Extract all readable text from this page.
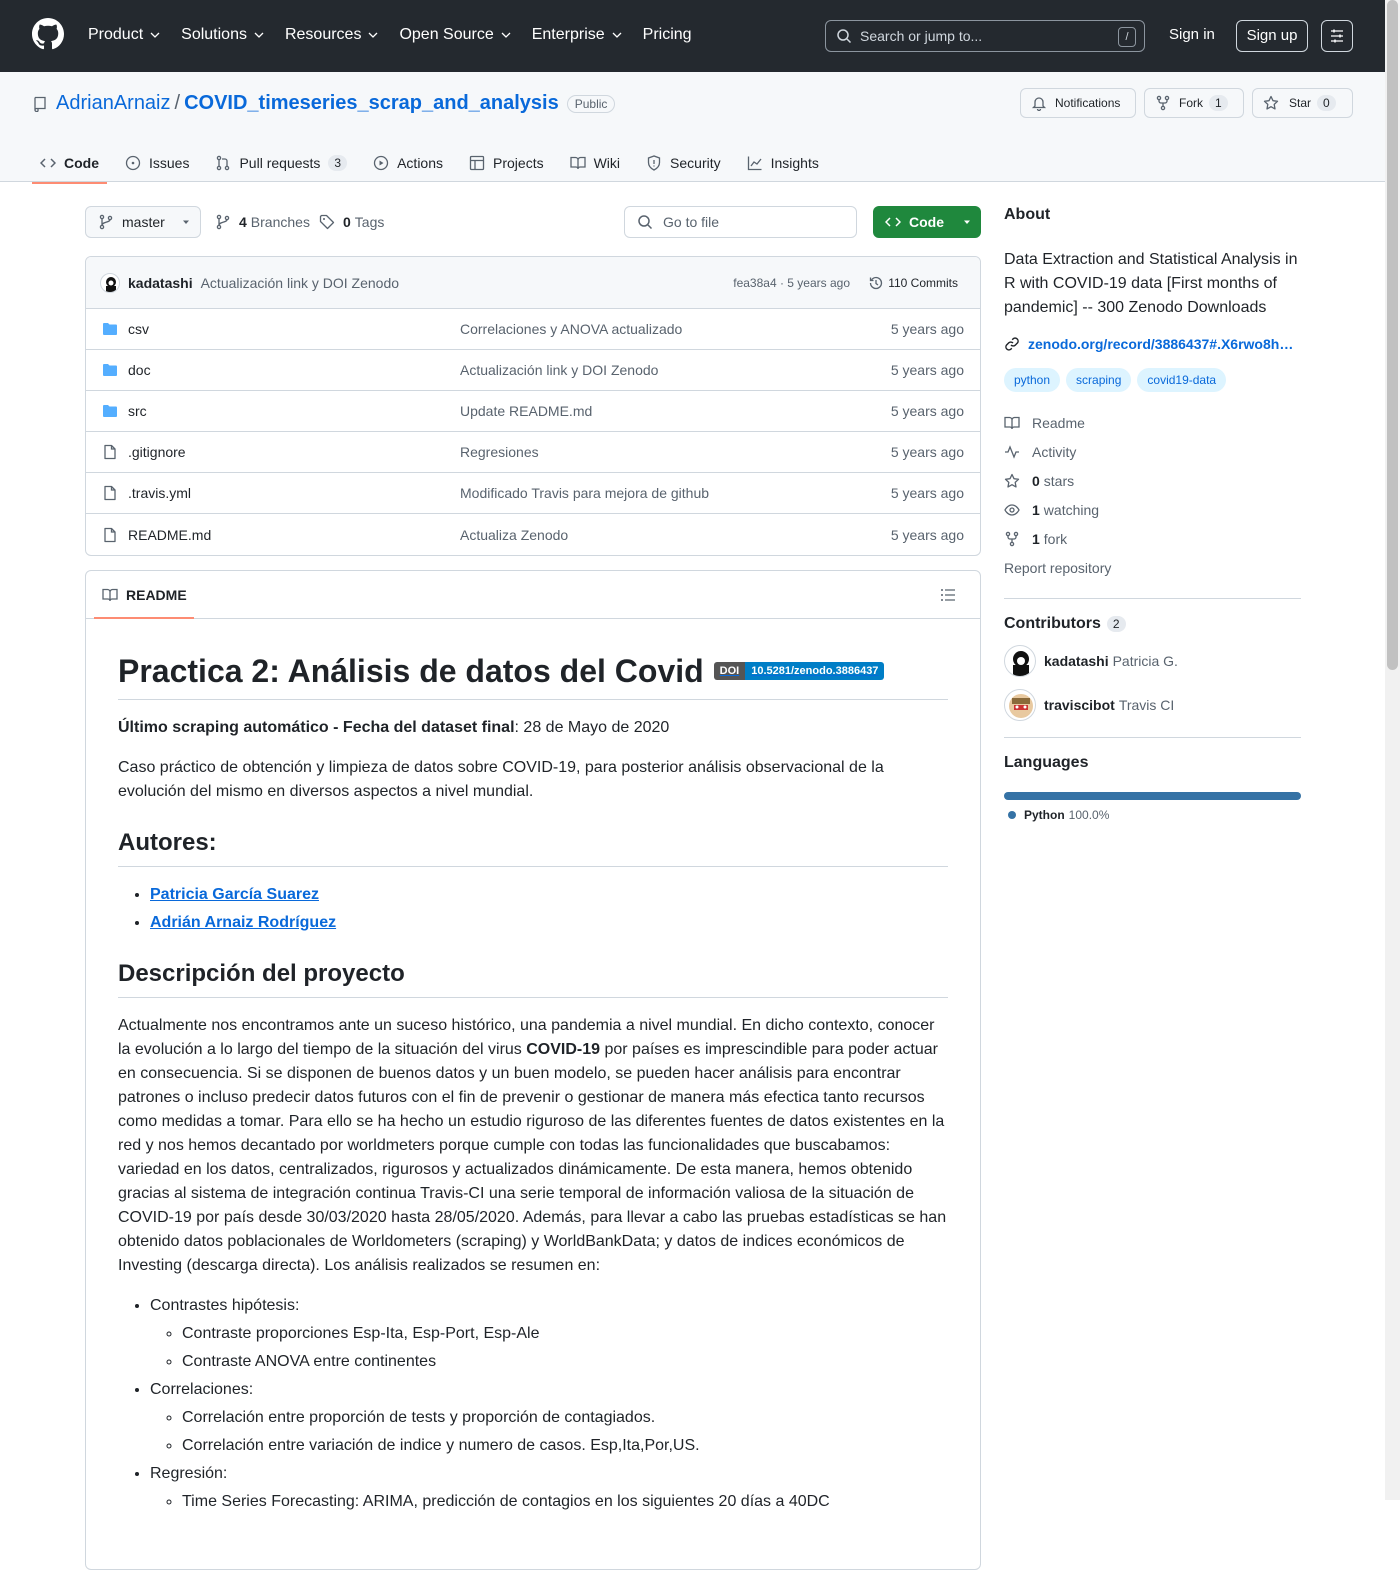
Product Solutions Resources Open Source Enterprise Pricing	Search or jump to...	/	Sign in	Sign up
AdrianArnaiz / COVID_timeseries_scrap_and_analysis	Public	Notifications	Fork	1	Star	0
Code	Issues	Pull requests	3	Actions	Projects	Wiki	Security	Insights
master	4 Branches 0 Tags	Go to file	Code
kadatashi Actualización link y DOI Zenodo	fea38a4 · 5 years ago	110 Commits
csv	Correlaciones y ANOVA actualizado	5 years ago
doc	Actualización link y DOI Zenodo	5 years ago
src	Update README.md	5 years ago
.gitignore	Regresiones	5 years ago
.travis.yml	Modificado Travis para mejora de github	5 years ago
README.md	Actualiza Zenodo	5 years ago
README
Practica 2: Análisis de datos del Covid	DOI	10.5281/zenodo.3886437

Último scraping automático - Fecha del dataset final: 28 de Mayo de 2020

Caso práctico de obtención y limpieza de datos sobre COVID-19, para posterior análisis observacional de la evolución del mismo en diversos aspectos a nivel mundial.

Autores:
• Patricia García Suarez
• Adrián Arnaiz Rodríguez
Descripción del proyecto

Actualmente nos encontramos ante un suceso histórico, una pandemia a nivel mundial. En dicho contexto, conocer la evolución a lo largo del tiempo de la situación del virus COVID-19 por países es imprescindible para poder actuar en consecuencia. Si se disponen de buenos datos y un buen modelo, se pueden hacer análisis para encontrar patrones o incluso predecir datos futuros con el fin de prevenir o gestionar de manera más efectica tanto recursos como medidas a tomar. Para ello se ha hecho un estudio riguroso de las diferentes fuentes de datos existentes en la red y nos hemos decantado por worldmeters porque cumple con todas las funcionalidades que buscabamos: variedad en los datos, centralizados, rigurosos y actualizados dinámicamente. De esta manera, hemos obtenido gracias al sistema de integración continua Travis-CI una serie temporal de información valiosa de la situación de COVID-19 por país desde 30/03/2020 hasta 28/05/2020. Además, para llevar a cabo las pruebas estadísticas se han obtenido datos poblacionales de Worldometers (scraping) y WorldBankData; y datos de indices económicos de Investing (descarga directa). Los análisis realizados se resumen en:

• Contrastes hipótesis:
◦ Contraste proporciones Esp-Ita, Esp-Port, Esp-Ale
◦ Contraste ANOVA entre continentes
• Correlaciones:
◦ Correlación entre proporción de tests y proporción de contagiados.
◦ Correlación entre variación de indice y numero de casos. Esp,Ita,Por,US.
• Regresión:
◦ Time Series Forecasting: ARIMA, predicción de contagios en los siguientes 20 días a 40DC
About
Data Extraction and Statistical Analysis in R with COVID-19 data [First months of pandemic] -- 300 Zenodo Downloads
zenodo.org/record/3886437#.X6rwo8h…
python	scraping	covid19-data
Readme
Activity
0 stars
1 watching
1 fork
Report repository
Contributors	2
kadatashi Patricia G.
traviscibot Travis CI
Languages
Python 100.0%
